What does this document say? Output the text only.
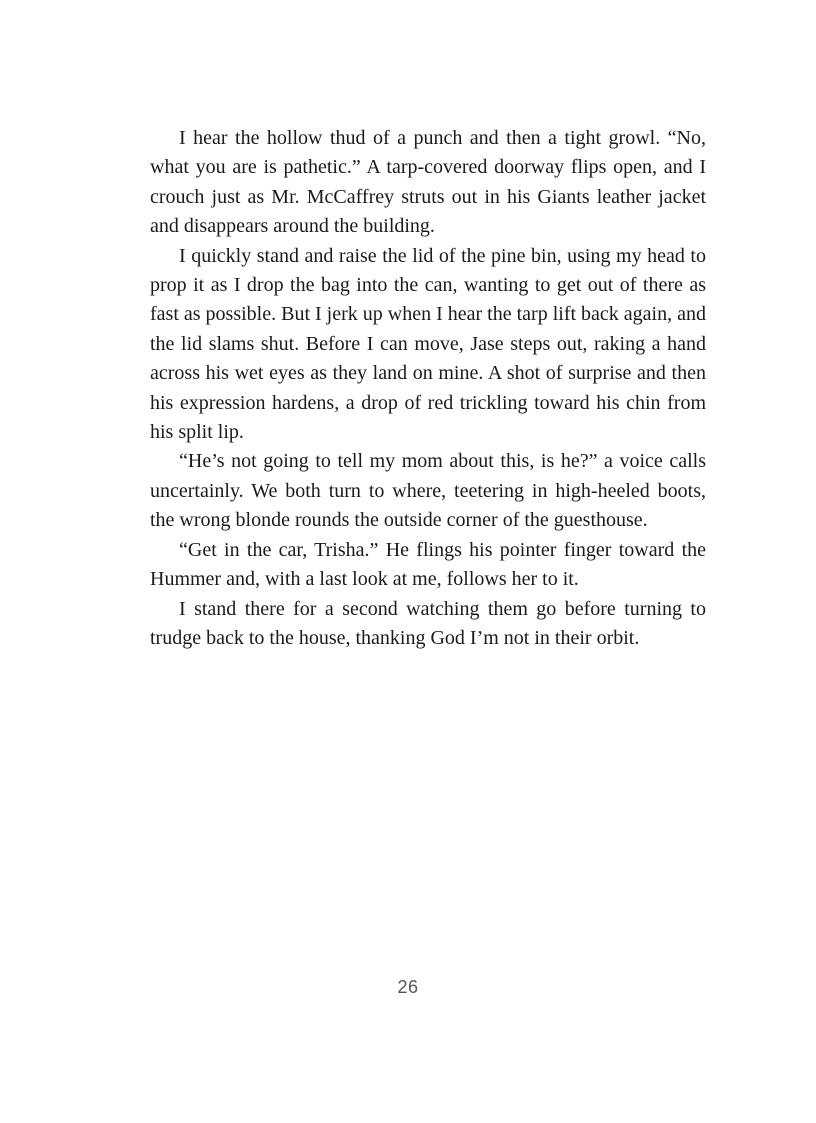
I hear the hollow thud of a punch and then a tight growl. “No, what you are is pathetic.” A tarp-covered doorway flips open, and I crouch just as Mr. McCaffrey struts out in his Giants leather jacket and disappears around the building.

I quickly stand and raise the lid of the pine bin, using my head to prop it as I drop the bag into the can, wanting to get out of there as fast as possible. But I jerk up when I hear the tarp lift back again, and the lid slams shut. Before I can move, Jase steps out, raking a hand across his wet eyes as they land on mine. A shot of surprise and then his expression hardens, a drop of red trickling toward his chin from his split lip.

“He’s not going to tell my mom about this, is he?” a voice calls uncertainly. We both turn to where, teetering in high-heeled boots, the wrong blonde rounds the outside corner of the guesthouse.

“Get in the car, Trisha.” He flings his pointer finger toward the Hummer and, with a last look at me, follows her to it.

I stand there for a second watching them go before turning to trudge back to the house, thanking God I’m not in their orbit.

26
